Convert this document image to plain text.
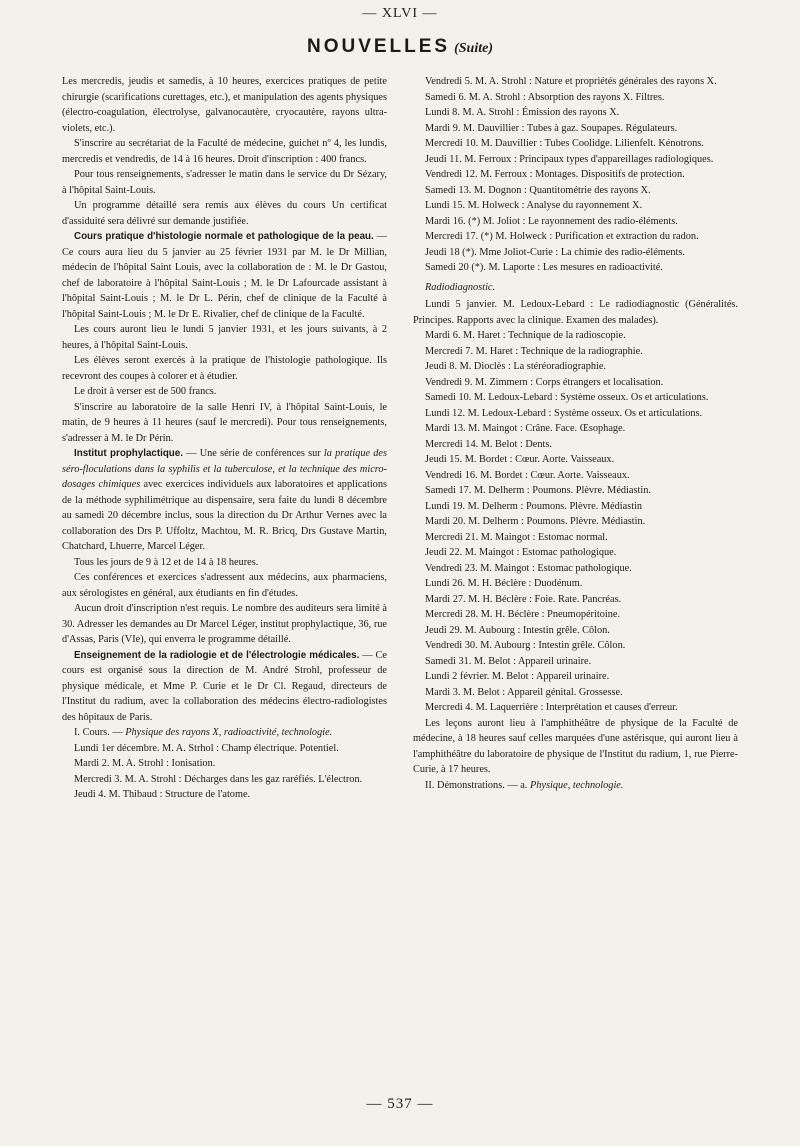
— XLVI —
NOUVELLES (Suite)

Les mercredis, jeudis et samedis, à 10 heures, exercices pratiques de petite chirurgie (scarifications curettages, etc.), et manipulation des agents physiques (électro-coagulation, électrolyse, galvanocautère, cryocautère, rayons ultra-violets, etc.).

S'inscrire au secrétariat de la Faculté de médecine, guichet nº 4, les lundis, mercredis et vendredis, de 14 à 16 heures. Droit d'inscription : 400 francs.

Pour tous renseignements, s'adresser le matin dans le service du Dr Sézary, à l'hôpital Saint-Louis.

Un programme détaillé sera remis aux élèves du cours Un certificat d'assiduité sera délivré sur demande justifiée.

Cours pratique d'histologie normale et pathologique de la peau. — Ce cours aura lieu du 5 janvier au 25 février 1931 par M. le Dr Millian, médecin de l'hôpital Saint Louis, avec la collaboration de : M. le Dr Gastou, chef de laboratoire à l'hôpital Saint-Louis ; M. le Dr Lafourcade assistant à l'hôpital Saint-Louis ; M. le Dr L. Périn, chef de clinique de la Faculté à l'hôpital Saint-Louis ; M. le Dr E. Rivalier, chef de clinique de la Faculté.

Les cours auront lieu le lundi 5 janvier 1931, et les jours suivants, à 2 heures, à l'hôpital Saint-Louis.

Les élèves seront exercés à la pratique de l'histologie pathologique. Ils recevront des coupes à colorer et à étudier.

Le droit à verser est de 500 francs.

S'inscrire au laboratoire de la salle Henri IV, à l'hôpital Saint-Louis, le matin, de 9 heures à 11 heures (sauf le mercredi). Pour tous renseignements, s'adresser à M. le Dr Périn.

Institut prophylactique. — Une série de conférences sur la pratique des séro-floculations dans la syphilis et la tuberculose, et la technique des micro-dosages chimiques avec exercices individuels aux laboratoires et applications de la méthode syphilimétrique au dispensaire, sera faite du lundi 8 décembre au samedi 20 décembre inclus, sous la direction du Dr Arthur Vernes avec la collaboration des Drs P. Uffoltz, Machtou, M. R. Bricq, Drs Gustave Martin, Chatchard, Lhuerre, Marcel Léger.

Tous les jours de 9 à 12 et de 14 à 18 heures.

Ces conférences et exercices s'adressent aux médecins, aux pharmaciens, aux sérologistes en général, aux étudiants en fin d'études.

Aucun droit d'inscription n'est requis. Le nombre des auditeurs sera limité à 30. Adresser les demandes au Dr Marcel Léger, institut prophylactique, 36, rue d'Assas, Paris (VIe), qui enverra le programme détaillé.

Enseignement de la radiologie et de l'électrologie médicales. — Ce cours est organisé sous la direction de M. André Strohl, professeur de physique médicale, et Mme P. Curie et le Dr Cl. Regaud, directeurs de l'Institut du radium, avec la collaboration des médecins électro-radiologistes des hôpitaux de Paris.

I. Cours. — Physique des rayons X, radioactivité, technologie.

Lundi 1er décembre. M. A. Strhol : Champ électrique. Potentiel.

Mardi 2. M. A. Strohl : Ionisation.

Mercredi 3. M. A. Strohl : Décharges dans les gaz raréfiés. L'électron.

Jeudi 4. M. Thibaud : Structure de l'atome.

Vendredi 5. M. A. Strohl : Nature et propriétés générales des rayons X.

Samedi 6. M. A. Strohl : Absorption des rayons X. Filtres.

Lundi 8. M. A. Strohl : Émission des rayons X.

Mardi 9. M. Dauvillier : Tubes à gaz. Soupapes. Régulateurs.

Mercredi 10. M. Dauvillier : Tubes Coolidge. Lilienfelt. Kénotrons.

Jeudi 11. M. Ferroux : Principaux types d'appareillages radiologiques.

Vendredi 12. M. Ferroux : Montages. Dispositifs de protection.

Samedi 13. M. Dognon : Quantitométrie des rayons X.

Lundi 15. M. Holweck : Analyse du rayonnement X.

Mardi 16. (*) M. Joliot : Le rayonnement des radio-éléments.

Mercredi 17. (*) M. Holweck : Purification et extraction du radon.

Jeudi 18 (*). Mme Joliot-Curie : La chimie des radio-éléments.

Samedi 20 (*). M. Laporte : Les mesures en radioactivité.

Radiodiagnostic.

Lundi 5 janvier. M. Ledoux-Lebard : Le radiodiagnostic (Généralités. Principes. Rapports avec la clinique. Examen des malades).

Mardi 6. M. Haret : Technique de la radioscopie.

Mercredi 7. M. Haret : Technique de la radiographie.

Jeudi 8. M. Dioclès : La stéréoradiographie.

Vendredi 9. M. Zimmern : Corps étrangers et localisation.

Samedi 10. M. Ledoux-Lebard : Système osseux. Os et articulations.

Lundi 12. M. Ledoux-Lebard : Système osseux. Os et articulations.

Mardi 13. M. Maingot : Crâne. Face. Œsophage.

Mercredi 14. M. Belot : Dents.

Jeudi 15. M. Bordet : Cœur. Aorte. Vaisseaux.

Vendredi 16. M. Bordet : Cœur. Aorte. Vaisseaux.

Samedi 17. M. Delherm : Poumons. Plèvre. Médiastin.

Lundi 19. M. Delherm : Poumons. Plèvre. Médiastin

Mardi 20. M. Delherm : Poumons. Plèvre. Médiastin.

Mercredi 21. M. Maingot : Estomac normal.

Jeudi 22. M. Maingot : Estomac pathologique.

Vendredi 23. M. Maingot : Estomac pathologique.

Lundi 26. M. H. Béclère : Duodénum.

Mardi 27. M. H. Béclère : Foie. Rate. Pancréas.

Mercredi 28. M. H. Béclère : Pneumopéritoine.

Jeudi 29. M. Aubourg : Intestin grêle. Côlon.

Vendredi 30. M. Aubourg : Intestin grêle. Côlon.

Samedi 31. M. Belot : Appareil urinaire.

Lundi 2 février. M. Belot : Appareil urinaire.

Mardi 3. M. Belot : Appareil génital. Grossesse.

Mercredi 4. M. Laquerrière : Interprétation et causes d'erreur.

Les leçons auront lieu à l'amphithéâtre de physique de la Faculté de médecine, à 18 heures sauf celles marquées d'une astérisque, qui auront lieu à l'amphithéâtre du laboratoire de physique de l'Institut du radium, 1, rue Pierre-Curie, à 17 heures.

II. Démonstrations. — a. Physique, technologie.

— 537 —
